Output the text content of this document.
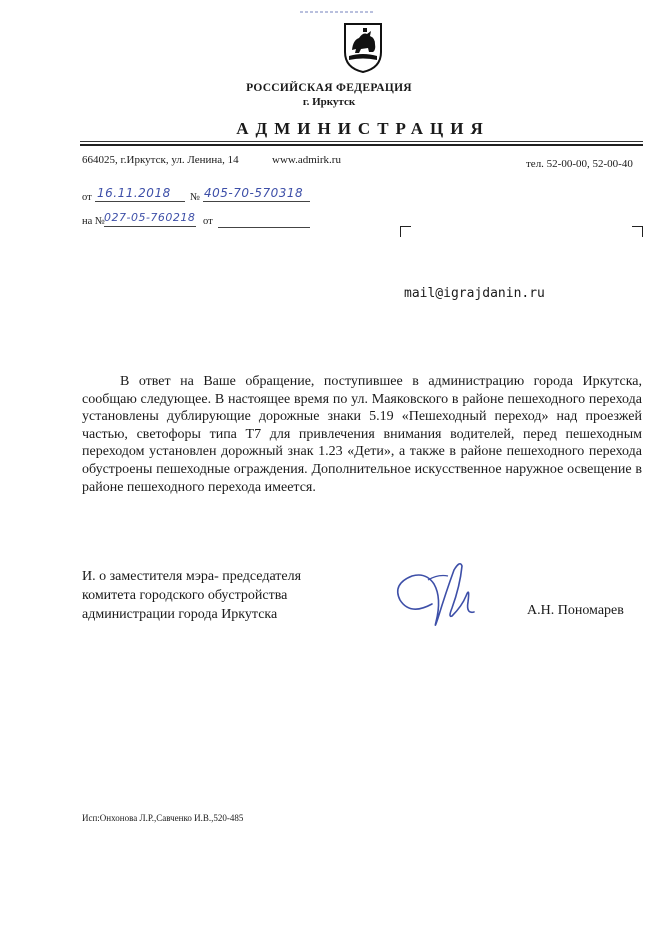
РОССИЙСКАЯ ФЕДЕРАЦИЯ
г. Иркутск
АДМИНИСТРАЦИЯ
664025, г.Иркутск, ул. Ленина, 14	www.admirk.ru	тел. 52-00-00, 52-00-40
от 16.11.2018 № 405-70-570318
на № 027-05-760218 от
mail@igrajdanin.ru
В ответ на Ваше обращение, поступившее в администрацию города Иркутска, сообщаю следующее. В настоящее время по ул. Маяковского в районе пешеходного перехода установлены дублирующие дорожные знаки 5.19 «Пешеходный переход» над проезжей частью, светофоры типа Т7 для привлечения внимания водителей, перед пешеходным переходом установлен дорожный знак 1.23 «Дети», а также в районе пешеходного перехода обустроены пешеходные ограждения. Дополнительное искусственное наружное освещение в районе пешеходного перехода имеется.
И. о заместителя мэра- председателя
комитета городского обустройства
администрации города Иркутска	А.Н. Пономарев
Исп:Онхонова Л.Р.,Савченко И.В.,520-485
